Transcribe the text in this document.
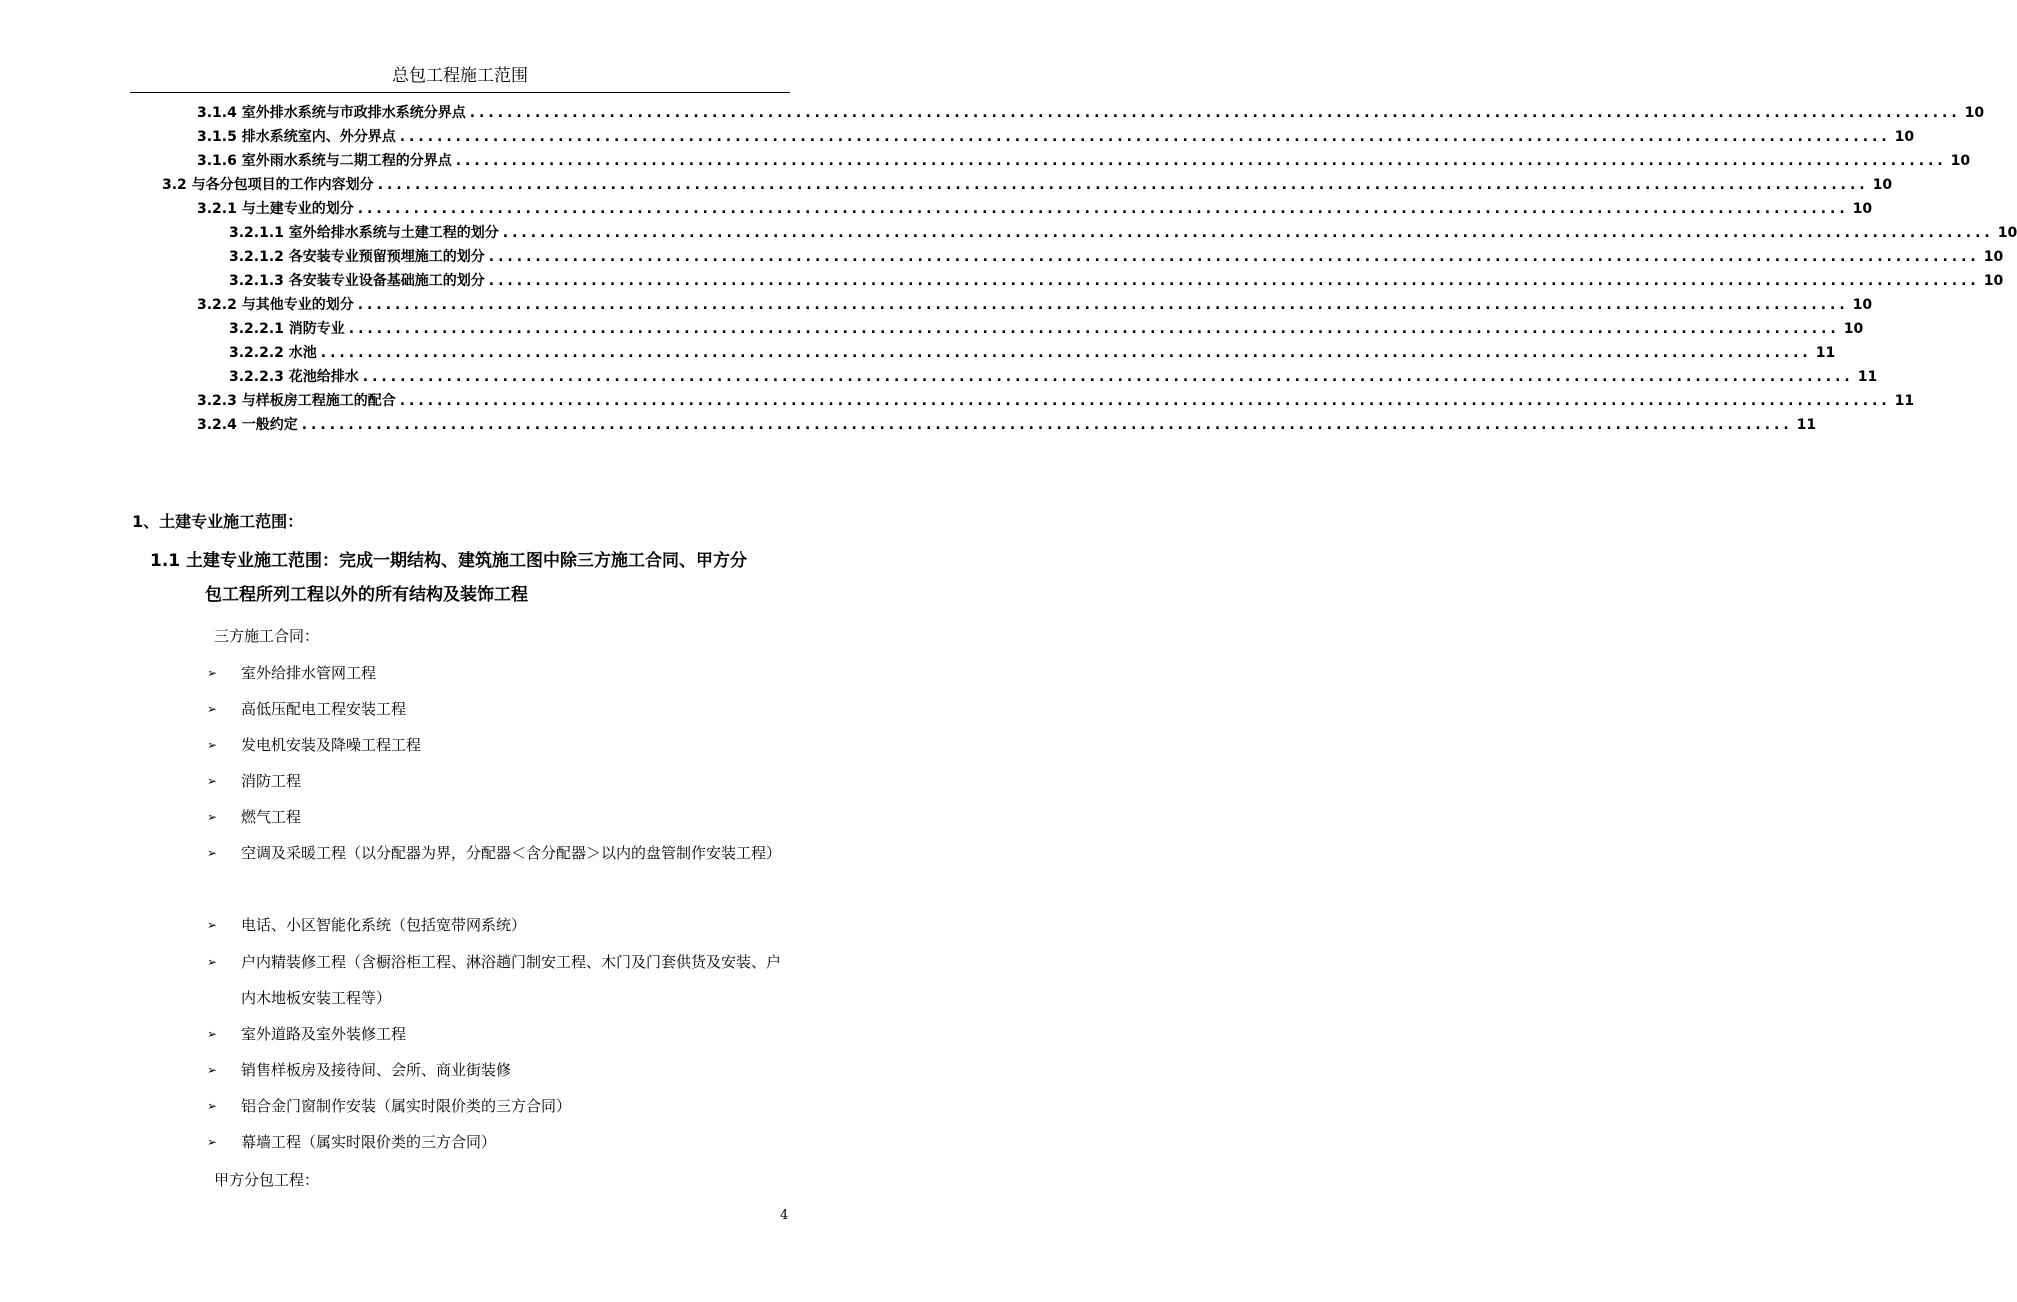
总包工程施工范围
3.1.4 室外排水系统与市政排水系统分界点 ................................................................................................................................................................ 10
3.1.5 排水系统室内、外分界点 ................................................................................................................................................................ 10
3.1.6 室外雨水系统与二期工程的分界点 ................................................................................................................................................................ 10
3.2 与各分包项目的工作内容划分 ................................................................................................................................................................ 10
3.2.1 与土建专业的划分 ................................................................................................................................................................ 10
3.2.1.1 室外给排水系统与土建工程的划分 ................................................................................................................................................................ 10
3.2.1.2 各安装专业预留预埋施工的划分 ................................................................................................................................................................ 10
3.2.1.3 各安装专业设备基础施工的划分 ................................................................................................................................................................ 10
3.2.2 与其他专业的划分 ................................................................................................................................................................ 10
3.2.2.1 消防专业 ................................................................................................................................................................ 10
3.2.2.2 水池 ................................................................................................................................................................ 11
3.2.2.3 花池给排水 ................................................................................................................................................................ 11
3.2.3 与样板房工程施工的配合 ................................................................................................................................................................ 11
3.2.4 一般约定 ................................................................................................................................................................ 11
1、土建专业施工范围：
1.1 土建专业施工范围：完成一期结构、建筑施工图中除三方施工合同、甲方分
包工程所列工程以外的所有结构及装饰工程
三方施工合同：
➢	室外给排水管网工程
➢	高低压配电工程安装工程
➢	发电机安装及降噪工程工程
➢	消防工程
➢	燃气工程
➢	空调及采暖工程（以分配器为界，分配器＜含分配器＞以内的盘管制作安装工程）
➢	电话、小区智能化系统（包括宽带网系统）
➢	户内精装修工程（含橱浴柜工程、淋浴趟门制安工程、木门及门套供货及安装、户内木地板安装工程等）
➢	室外道路及室外装修工程
➢	销售样板房及接待间、会所、商业街装修
➢	铝合金门窗制作安装（属实时限价类的三方合同）
➢	幕墙工程（属实时限价类的三方合同）
甲方分包工程：
4
